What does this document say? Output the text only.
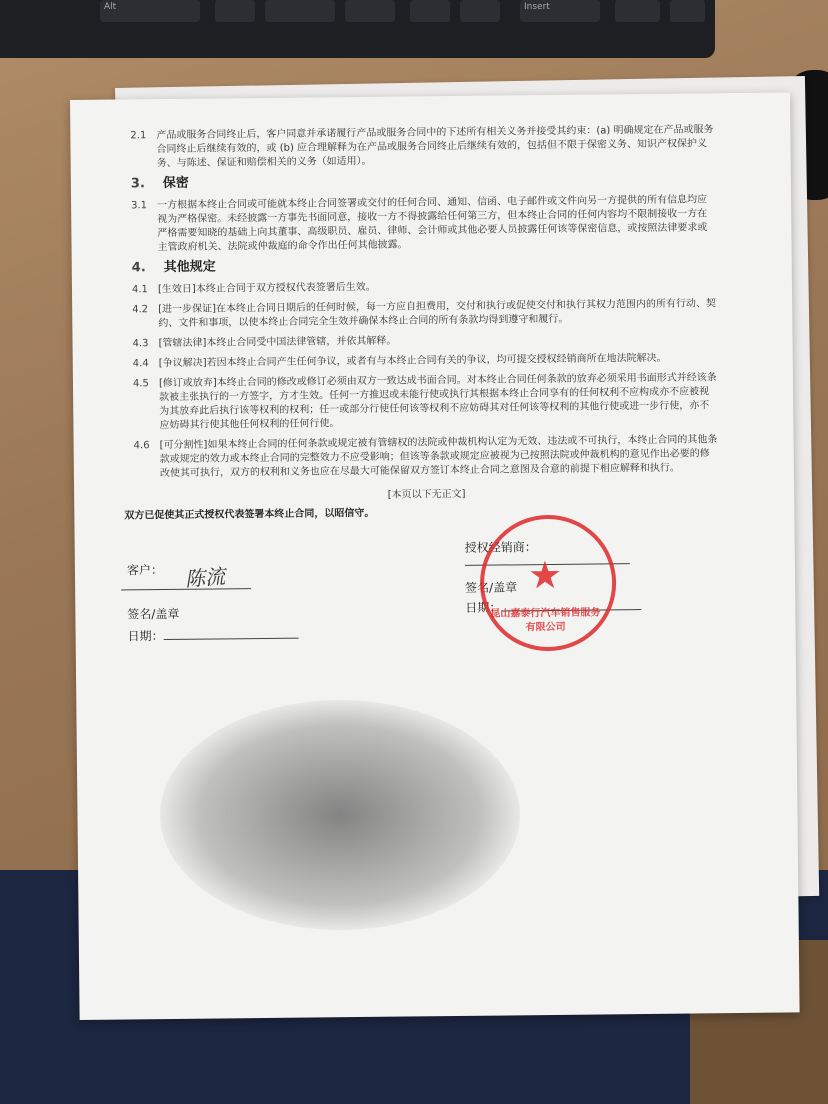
Alt	Insert
2.1 产品或服务合同终止后，客户同意并承诺履行产品或服务合同中的下述所有相关义务并接受其约束：(a) 明确规定在产品或服务合同终止后继续有效的，或 (b) 应合理解释为在产品或服务合同终止后继续有效的，包括但不限于保密义务、知识产权保护义务、与陈述、保证和赔偿相关的义务（如适用）。
3.	保密
3.1 一方根据本终止合同或可能就本终止合同签署或交付的任何合同、通知、信函、电子邮件或文件向另一方提供的所有信息均应视为严格保密。未经披露一方事先书面同意，接收一方不得披露给任何第三方，但本终止合同的任何内容均不限制接收一方在严格需要知晓的基础上向其董事、高级职员、雇员、律师、会计师或其他必要人员披露任何该等保密信息，或按照法律要求或主管政府机关、法院或仲裁庭的命令作出任何其他披露。
4.	其他规定
4.1 [生效日]本终止合同于双方授权代表签署后生效。
4.2 [进一步保证]在本终止合同日期后的任何时候，每一方应自担费用，交付和执行或促使交付和执行其权力范围内的所有行动、契约、文件和事项，以使本终止合同完全生效并确保本终止合同的所有条款均得到遵守和履行。
4.3 [管辖法律]本终止合同受中国法律管辖，并依其解释。
4.4 [争议解决]若因本终止合同产生任何争议，或者有与本终止合同有关的争议，均可提交授权经销商所在地法院解决。
4.5 [修订或放弃]本终止合同的修改或修订必须由双方一致达成书面合同。对本终止合同任何条款的放弃必须采用书面形式并经该条款被主张执行的一方签字，方才生效。任何一方推迟或未能行使或执行其根据本终止合同享有的任何权利不应构成亦不应被视为其放弃此后执行该等权利的权利；任一或部分行使任何该等权利不应妨碍其对任何该等权利的其他行使或进一步行使，亦不应妨碍其行使其他任何权利的任何行使。
4.6 [可分割性]如果本终止合同的任何条款或规定被有管辖权的法院或仲裁机构认定为无效、违法或不可执行，本终止合同的其他条款或规定的效力或本终止合同的完整效力不应受影响；但该等条款或规定应被视为已按照法院或仲裁机构的意见作出必要的修改使其可执行，双方的权利和义务也应在尽最大可能保留双方签订本终止合同之意图及合意的前提下相应解释和执行。
[本页以下无正文]
双方已促使其正式授权代表签署本终止合同，以昭信守。
客户：
签名/盖章
日期：
陈流
授权经销商：
签名/盖章
日期：
★
昆山嘉泰行汽车销售服务有限公司
